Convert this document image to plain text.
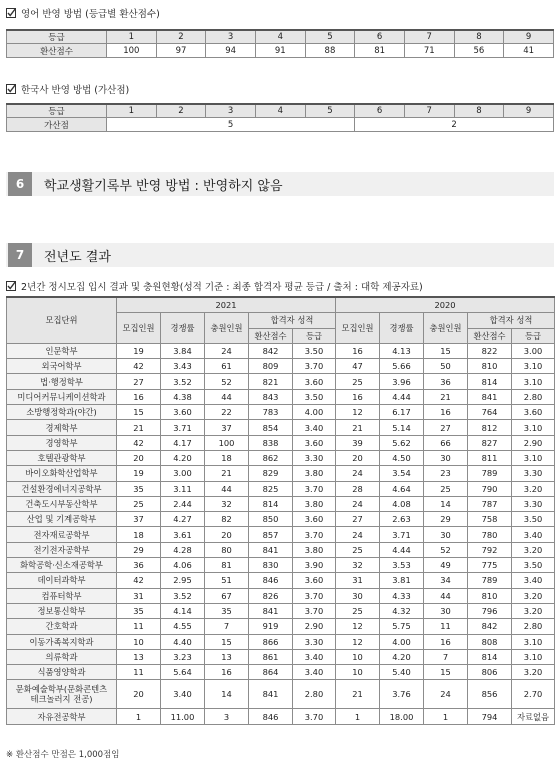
영어 반영 방법 (등급별 환산점수)
등급	1	2	3	4	5	6	7	8	9
환산점수	100	97	94	91	88	81	71	56	41
한국사 반영 방법 (가산점)
등급	1	2	3	4	5	6	7	8	9
가산점	5					2			
6	학교생활기록부 반영 방법 : 반영하지 않음
7	전년도 결과
2년간 정시모집 입시 결과 및 충원현황(성적 기준 : 최종 합격자 평균 등급 / 출처 : 대학 제공자료)
모집단위	2021					2020				
	모집인원	경쟁률	충원인원	합격자 성적		모집인원	경쟁률	충원인원	합격자 성적	
				환산점수	등급				환산점수	등급
인문학부	19	3.84	24	842	3.50	16	4.13	15	822	3.00
외국어학부	42	3.43	61	809	3.70	47	5.66	50	810	3.10
법·행정학부	27	3.52	52	821	3.60	25	3.96	36	814	3.10
미디어커뮤니케이션학과	16	4.38	44	843	3.50	16	4.44	21	841	2.80
소방행정학과(야간)	15	3.60	22	783	4.00	12	6.17	16	764	3.60
경제학부	21	3.71	37	854	3.40	21	5.14	27	812	3.10
경영학부	42	4.17	100	838	3.60	39	5.62	66	827	2.90
호텔관광학부	20	4.20	18	862	3.30	20	4.50	30	811	3.10
바이오화학산업학부	19	3.00	21	829	3.80	24	3.54	23	789	3.30
건설환경에너지공학부	35	3.11	44	825	3.70	28	4.64	25	790	3.20
건축도시부동산학부	25	2.44	32	814	3.80	24	4.08	14	787	3.30
산업 및 기계공학부	37	4.27	82	850	3.60	27	2.63	29	758	3.50
전자재료공학부	18	3.61	20	857	3.70	24	3.71	30	780	3.40
전기전자공학부	29	4.28	80	841	3.80	25	4.44	52	792	3.20
화학공학·신소재공학부	36	4.06	81	830	3.90	32	3.53	49	775	3.50
데이터과학부	42	2.95	51	846	3.60	31	3.81	34	789	3.40
컴퓨터학부	31	3.52	67	826	3.70	30	4.33	44	810	3.20
정보통신학부	35	4.14	35	841	3.70	25	4.32	30	796	3.20
간호학과	11	4.55	7	919	2.90	12	5.75	11	842	2.80
이동가족복지학과	10	4.40	15	866	3.30	12	4.00	16	808	3.10
의류학과	13	3.23	13	861	3.40	10	4.20	7	814	3.10
식품영양학과	11	5.64	16	864	3.40	10	5.40	15	806	3.20
문화예술학부(문화콘텐츠
테크놀러지 전공)	20	3.40	14	841	2.80	21	3.76	24	856	2.70
자유전공학부	1	11.00	3	846	3.70	1	18.00	1	794	자료없음
※ 환산점수 만점은 1,000점임
